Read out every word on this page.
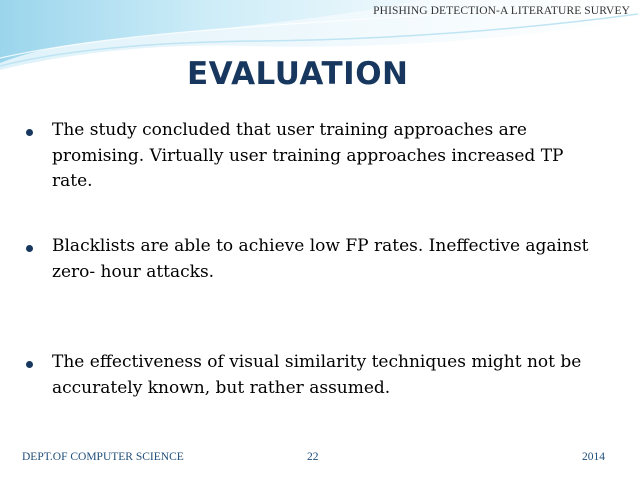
PHISHING DETECTION-A LITERATURE SURVEY
EVALUATION
The study concluded that user training approaches are promising. Virtually user training approaches increased TP rate.
Blacklists are able to achieve low FP rates. Ineffective against zero- hour attacks.
The effectiveness of visual similarity techniques might not be accurately known, but rather assumed.
DEPT.OF COMPUTER SCIENCE	22	2014
